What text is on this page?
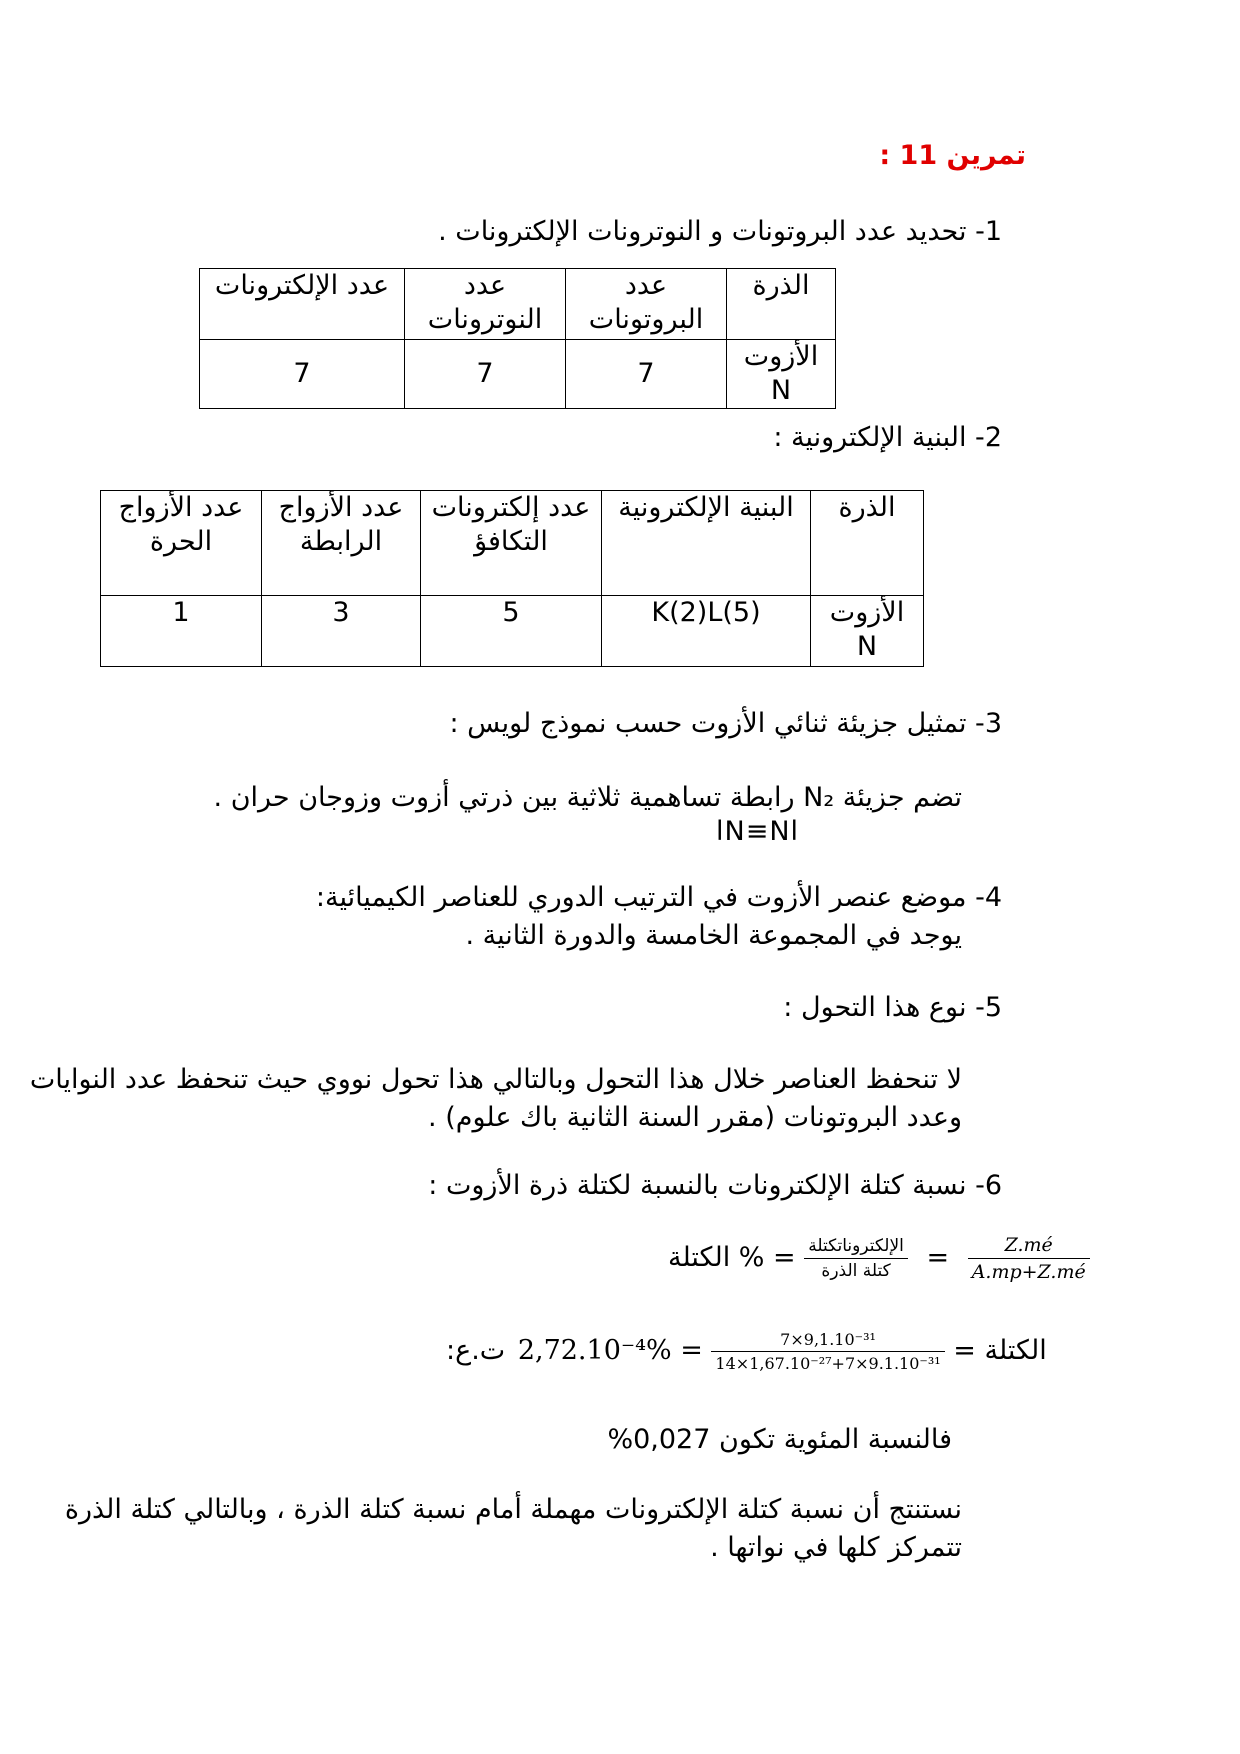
تمرين 11 :
1- تحديد عدد البروتونات و النوترونات الإلكترونات .
الذرة	عدد البروتونات	عدد النوترونات	عدد الإلكترونات
الأزوت N	7	7	7
2- البنية الإلكترونية :
الذرة	البنية الإلكترونية	عدد إلكترونات التكافؤ	عدد الأزواج الرابطة	عدد الأزواج الحرة
الأزوت N	K(2)L(5)	5	3	1
3- تمثيل جزيئة ثنائي الأزوت حسب نموذج لويس :
تضم جزيئة N₂ رابطة تساهمية ثلاثية بين ذرتي أزوت وزوجان حران .
lN≡Nl
4- موضع عنصر الأزوت في الترتيب الدوري للعناصر الكيميائية:
يوجد في المجموعة الخامسة والدورة الثانية .
5- نوع هذا التحول :
لا تنحفظ العناصر خلال هذا التحول وبالتالي هذا تحول نووي حيث تنحفظ عدد النوايات
وعدد البروتونات (مقرر السنة الثانية باك علوم) .
6- نسبة كتلة الإلكترونات بالنسبة لكتلة ذرة الأزوت :
% الكتلة = $\frac{\text{الإلكتروناتكتلة}}{\text{كتلة الذرة}} = \frac{Z.mé}{A.mp+Z.mé}$
الكتلة =
$\frac{\text{7×9,1.10⁻³¹}}{\text{14×1,67.10⁻²⁷+7×9.1.10⁻³¹}}$
= 2,72.10⁻⁴% ت.ع:
فالنسبة المئوية تكون 0,027%
نستنتج أن نسبة كتلة الإلكترونات مهملة أمام نسبة كتلة الذرة ، وبالتالي كتلة الذرة
تتمركز كلها في نواتها .
